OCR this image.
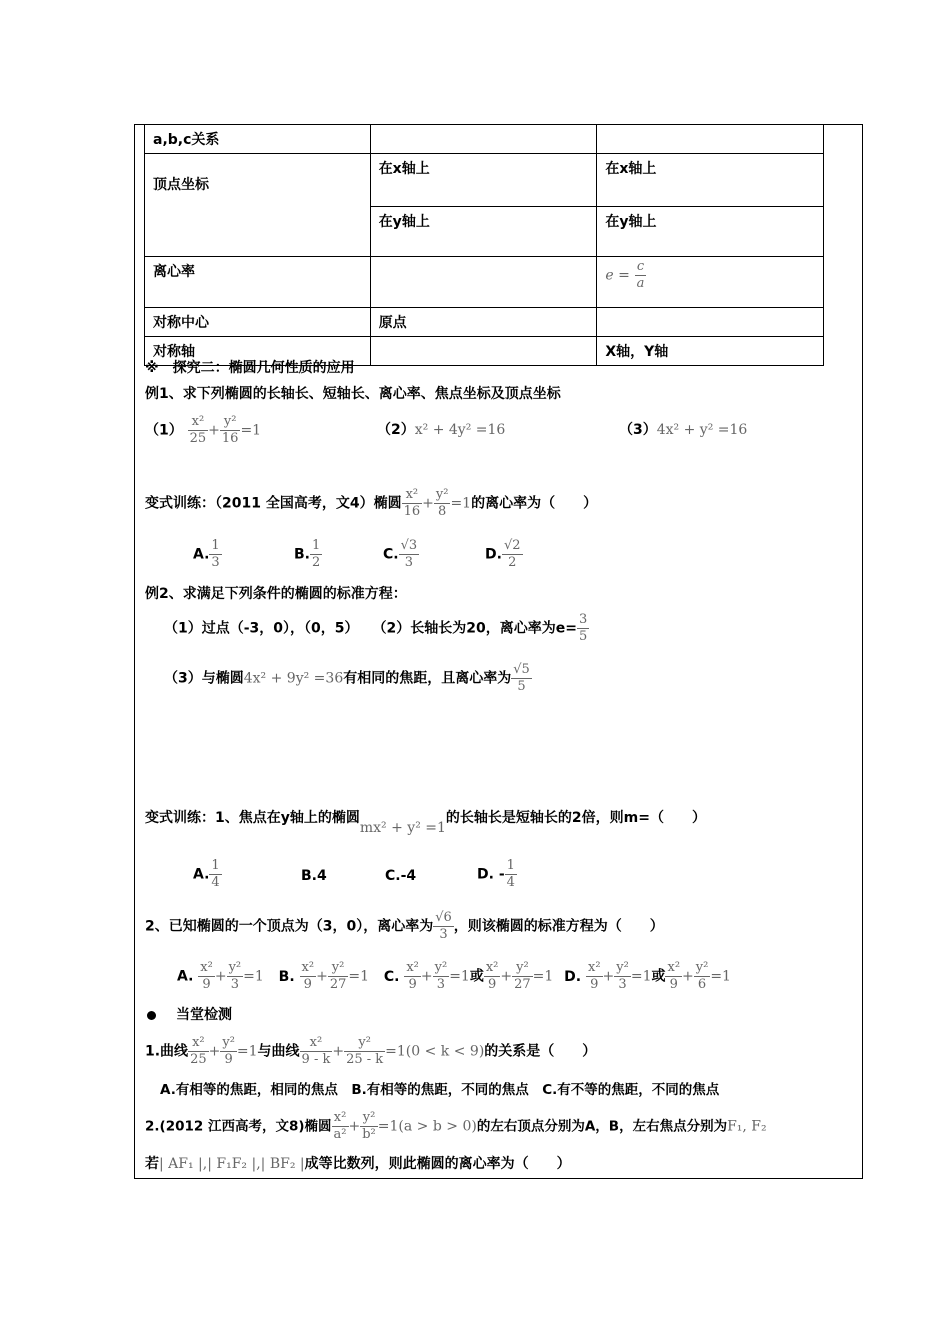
a,b,c关系		
顶点坐标	在x轴上	在x轴上
	在y轴上	在y轴上
离心率		$e = \frac{c}{a}$

对称中心	原点	
对称轴		X轴，Y轴
※　探究二：椭圆几何性质的应用
例1、求下列椭圆的长轴长、短轴长、离心率、焦点坐标及顶点坐标
$(1) \frac{\text{x²}}{25} + \frac{\text{y²}}{16} =1$	（2）x² + 4y² =16	（3）4x² + y² =16
变式训练：（2011 全国高考，文4）椭圆 $\frac{\text{x²}}{16} + \frac{\text{y²}}{8} =1$的离心率为（　　）
A. $\frac{1}{3}$	B. $\frac{1}{2}$	C. $\frac{√3}{3}$	D. $\frac{√2}{2}$
例2、求满足下列条件的椭圆的标准方程：
（1）过点（-3，0），（0，5）　　（2）长轴长为20，离心率为$e= \frac{3}{5}$
（3）与椭圆4x² + 9y² =36有相同的焦距，且离心率为 $\frac{√5}{5}$
变式训练：1、焦点在y轴上的椭圆mx² + y² =1的长轴长是短轴长的2倍，则m=（　　）
A. $\frac{1}{4}$	B.4	C.-4	D. - $\frac{1}{4}$
2、已知椭圆的一个顶点为（3，0），离心率为 $\frac{√6}{3}$ ，则该椭圆的标准方程为（　　）
A. $\frac{\text{x²}}{9} + \frac{\text{y²}}{3} =1$ B. $\frac{\text{x²}}{9} + \frac{\text{y²}}{27} =1$ C. $\frac{\text{x²}}{9} + \frac{\text{y²}}{3} =1$或 $\frac{\text{x²}}{9} + \frac{\text{y²}}{27} =1$ D. $\frac{\text{x²}}{9} + \frac{\text{y²}}{3} =1$或 $\frac{\text{x²}}{9} + \frac{\text{y²}}{6} =1$
当堂检测
1.曲线 $\frac{\text{x²}}{25} + \frac{\text{y²}}{9} =1$与曲线 $\frac{\text{x²}}{9 - k} + \frac{\text{y²}}{25 - k} =1(0 < k < 9)$的关系是（　　）
A.有相等的焦距，相同的焦点　B.有相等的焦距，不同的焦点　C.有不等的焦距，不同的焦点
2.(2012 江西高考，文8)椭圆 $\frac{\text{x²}}{\text{a²}} + \frac{\text{y²}}{\text{b²}} =1(a > b > 0)$的左右顶点分别为A，B，左右焦点分别为F₁, F₂
若| AF₁ |,| F₁F₂ |,| BF₂ |成等比数列，则此椭圆的离心率为（　　）
